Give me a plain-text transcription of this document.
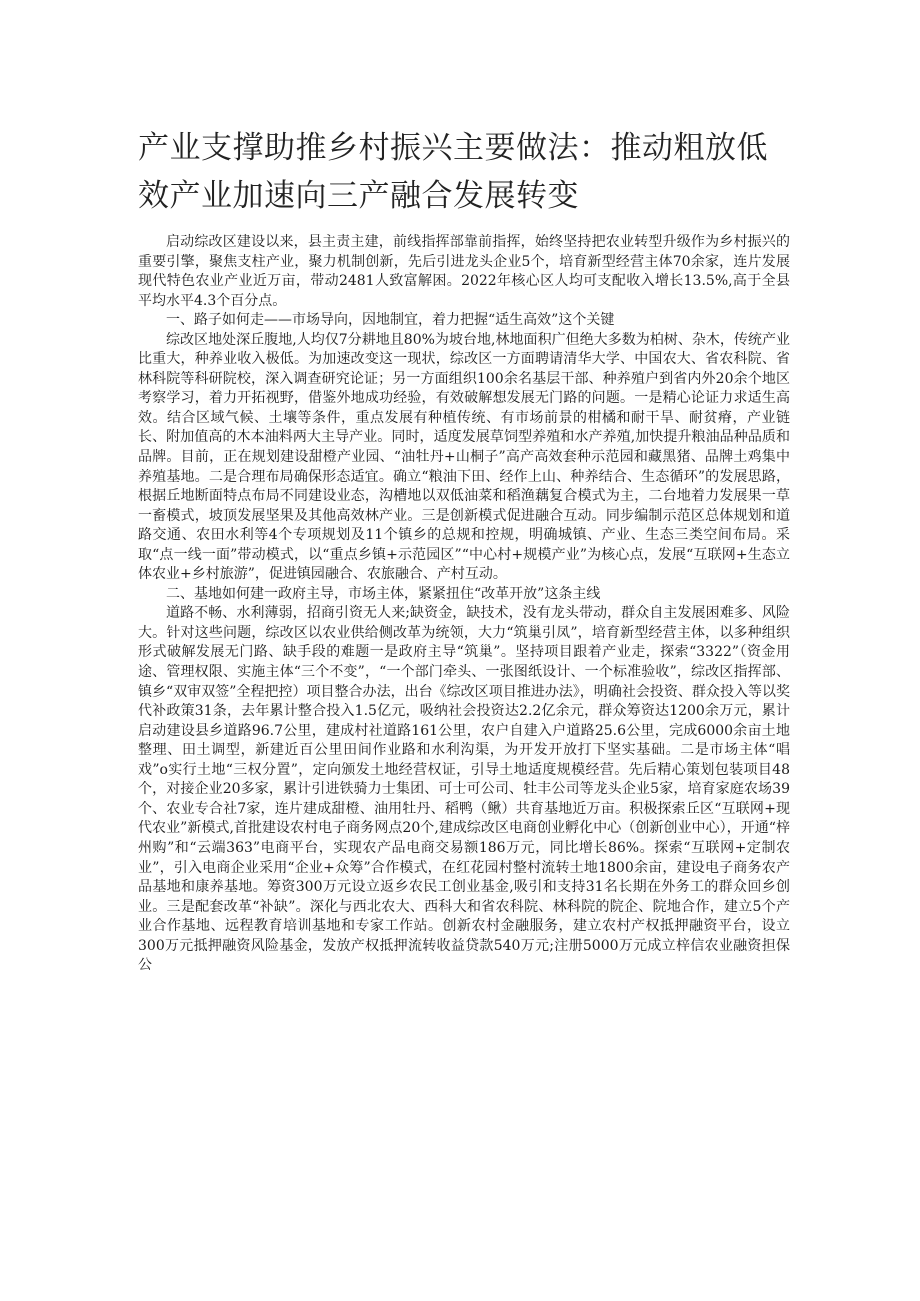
产业支撑助推乡村振兴主要做法：推动粗放低效产业加速向三产融合发展转变

启动综改区建设以来，县主责主建，前线指挥部靠前指挥，始终坚持把农业转型升级作为乡村振兴的重要引擎，聚焦支柱产业，聚力机制创新，先后引进龙头企业5个，培育新型经营主体70余家，连片发展现代特色农业产业近万亩，带动2481人致富解困。2022年核心区人均可支配收入增长13.5%,高于全县平均水平4.3个百分点。

一、路子如何走——市场导向，因地制宜，着力把握“适生高效”这个关键

综改区地处深丘腹地,人均仅7分耕地且80%为坡台地,林地面积广但绝大多数为柏树、杂木，传统产业比重大，种养业收入极低。为加速改变这一现状，综改区一方面聘请清华大学、中国农大、省农科院、省林科院等科研院校，深入调查研究论证；另一方面组织100余名基层干部、种养殖户到省内外20余个地区考察学习，着力开拓视野，借鉴外地成功经验，有效破解想发展无门路的问题。一是精心论证力求适生高效。结合区域气候、土壤等条件，重点发展有种植传统、有市场前景的柑橘和耐干旱、耐贫瘠，产业链长、附加值高的木本油料两大主导产业。同时，适度发展草饲型养殖和水产养殖,加快提升粮油品种品质和品牌。目前，正在规划建设甜橙产业园、“油牡丹+山桐子”高产高效套种示范园和藏黑猪、品牌土鸡集中养殖基地。二是合理布局确保形态适宜。确立“粮油下田、经作上山、种养结合、生态循环”的发展思路，根据丘地断面特点布局不同建设业态，沟槽地以双低油菜和稻渔藕复合模式为主，二台地着力发展果一草一畜模式，坡顶发展坚果及其他高效林产业。三是创新模式促进融合互动。同步编制示范区总体规划和道路交通、农田水利等4个专项规划及11个镇乡的总规和控规，明确城镇、产业、生态三类空间布局。采取“点一线一面”带动模式，以“重点乡镇+示范园区”“中心村+规模产业”为核心点，发展“互联网+生态立体农业+乡村旅游”，促进镇园融合、农旅融合、产村互动。

二、基地如何建一政府主导，市场主体，紧紧扭住“改革开放”这条主线

道路不畅、水利薄弱，招商引资无人来;缺资金，缺技术，没有龙头带动，群众自主发展困难多、风险大。针对这些问题，综改区以农业供给侧改革为统领，大力“筑巢引凤”，培育新型经营主体，以多种组织形式破解发展无门路、缺手段的难题一是政府主导“筑巢”。坚持项目跟着产业走，探索“3322”（资金用途、管理权限、实施主体“三个不变”，“一个部门牵头、一张图纸设计、一个标准验收”，综改区指挥部、镇乡“双审双签”全程把控）项目整合办法，出台《综改区项目推进办法》，明确社会投资、群众投入等以奖代补政策31条，去年累计整合投入1.5亿元，吸纳社会投资达2.2亿余元，群众筹资达1200余万元，累计启动建设县乡道路96.7公里，建成村社道路161公里，农户自建入户道路25.6公里，完成6000余亩土地整理、田土调型，新建近百公里田间作业路和水利沟渠，为开发开放打下坚实基础。二是市场主体“唱戏”o实行土地“三权分置”，定向颁发土地经营权证，引导土地适度规模经营。先后精心策划包装项目48个，对接企业20多家，累计引进铁骑力士集团、可士可公司、牡丰公司等龙头企业5家，培育家庭农场39个、农业专合社7家，连片建成甜橙、油用牡丹、稻鸭（鳅）共育基地近万亩。积极探索丘区“互联网+现代农业”新模式,首批建设农村电子商务网点20个,建成综改区电商创业孵化中心（创新创业中心），开通“梓州购”和“云端363”电商平台，实现农产品电商交易额186万元，同比增长86%。探索“互联网+定制农业”，引入电商企业采用“企业+众筹”合作模式，在红花园村整村流转土地1800余亩，建设电子商务农产品基地和康养基地。筹资300万元设立返乡农民工创业基金,吸引和支持31名长期在外务工的群众回乡创业。三是配套改革“补缺”。深化与西北农大、西科大和省农科院、林科院的院企、院地合作，建立5个产业合作基地、远程教育培训基地和专家工作站。创新农村金融服务，建立农村产权抵押融资平台，设立300万元抵押融资风险基金，发放产权抵押流转收益贷款540万元;注册5000万元成立梓信农业融资担保公
